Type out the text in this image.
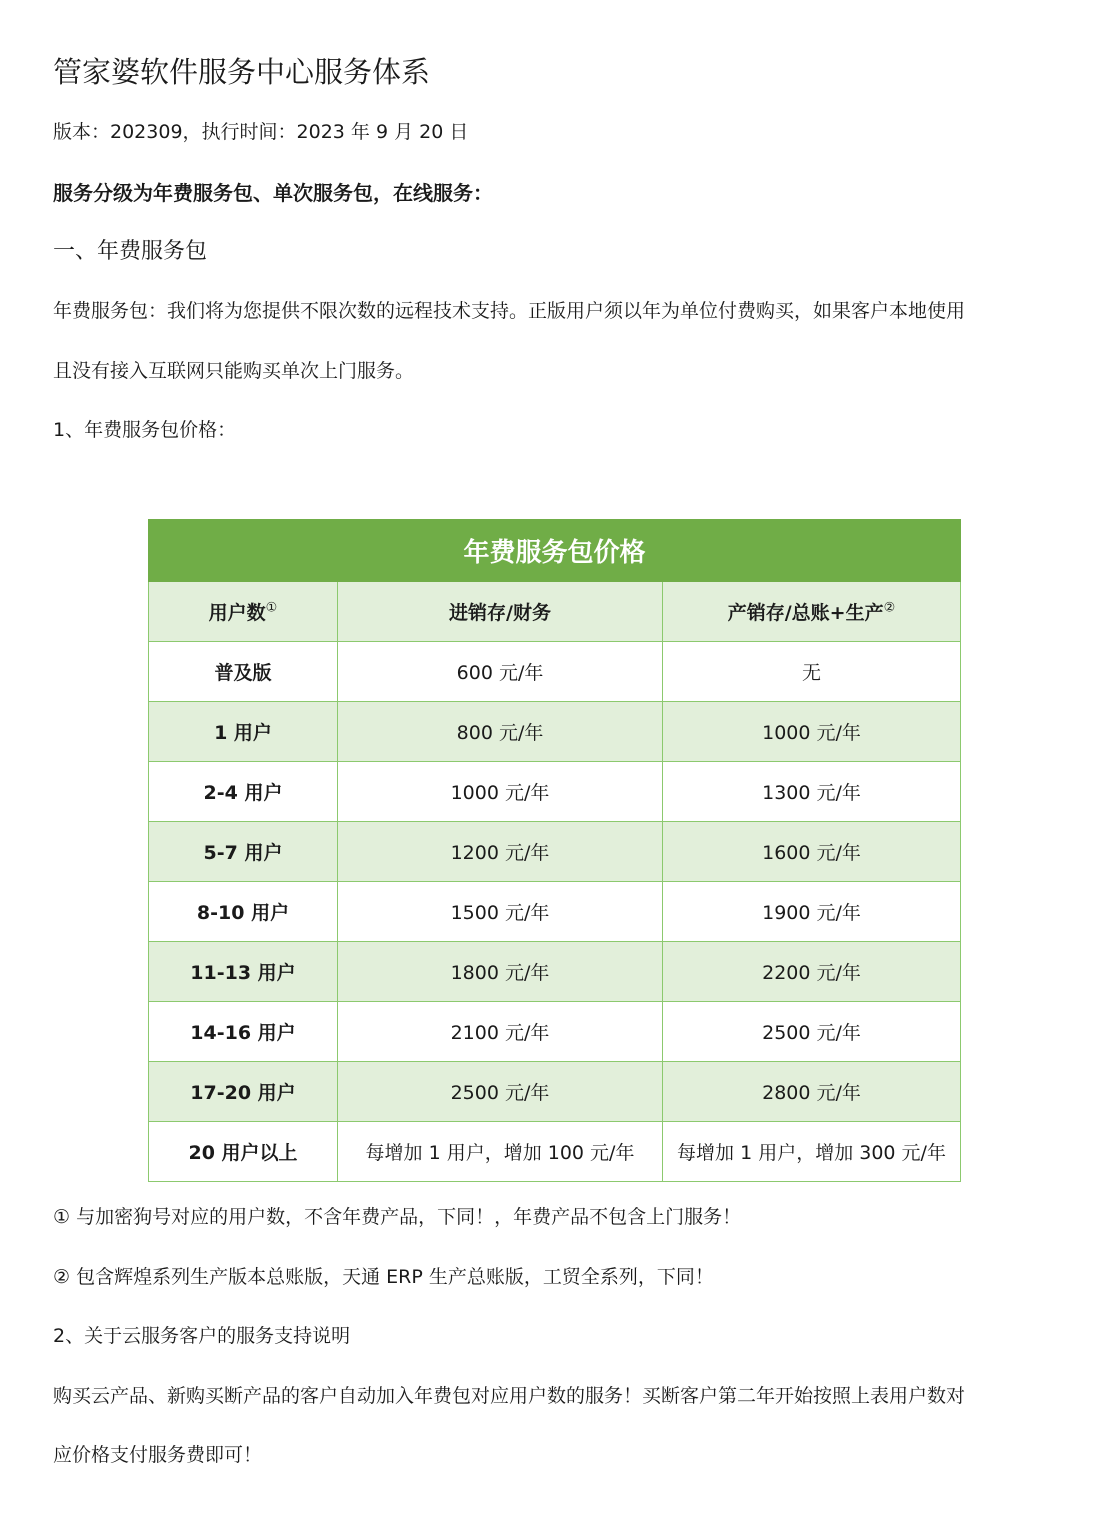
管家婆软件服务中心服务体系
版本：202309，执行时间：2023 年 9 月 20 日
服务分级为年费服务包、单次服务包，在线服务：
一、年费服务包
年费服务包：我们将为您提供不限次数的远程技术支持。正版用户须以年为单位付费购买，如果客户本地使用
且没有接入互联网只能购买单次上门服务。
1、年费服务包价格：
年费服务包价格		
用户数①	进销存/财务	产销存/总账+生产②
普及版	600 元/年	无
1 用户	800 元/年	1000 元/年
2-4 用户	1000 元/年	1300 元/年
5-7 用户	1200 元/年	1600 元/年
8-10 用户	1500 元/年	1900 元/年
11-13 用户	1800 元/年	2200 元/年
14-16 用户	2100 元/年	2500 元/年
17-20 用户	2500 元/年	2800 元/年
20 用户以上	每增加 1 用户，增加 100 元/年	每增加 1 用户，增加 300 元/年
① 与加密狗号对应的用户数，不含年费产品，下同！，年费产品不包含上门服务！
② 包含辉煌系列生产版本总账版，天通 ERP 生产总账版，工贸全系列，下同！
2、关于云服务客户的服务支持说明
购买云产品、新购买断产品的客户自动加入年费包对应用户数的服务！买断客户第二年开始按照上表用户数对
应价格支付服务费即可！
